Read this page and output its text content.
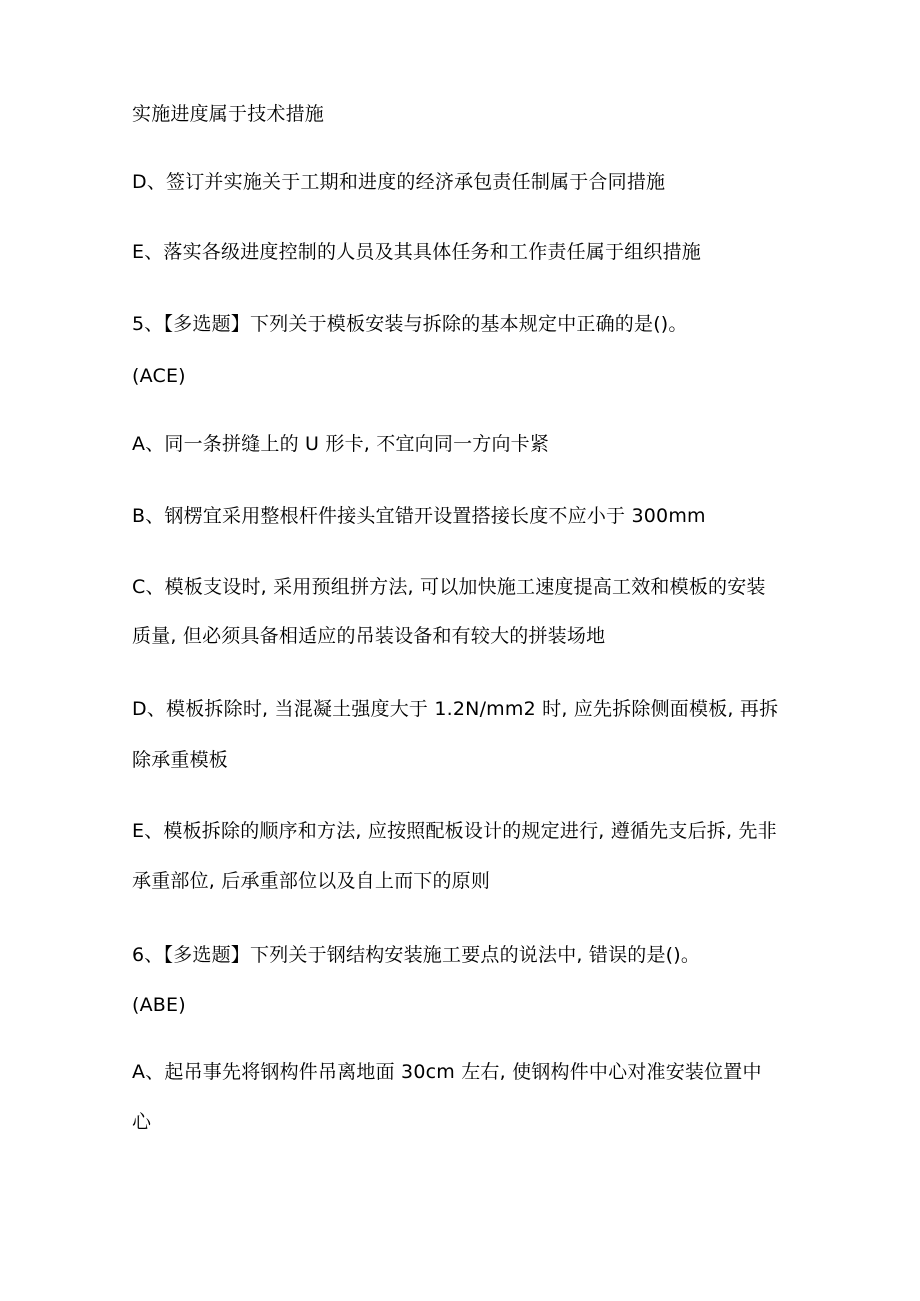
实施进度属于技术措施
D、签订并实施关于工期和进度的经济承包责任制属于合同措施
E、落实各级进度控制的人员及其具体任务和工作责任属于组织措施
5、【多选题】下列关于模板安装与拆除的基本规定中正确的是()。
(ACE)
A、同一条拼缝上的 U 形卡, 不宜向同一方向卡紧
B、钢楞宜采用整根杆件接头宜错开设置搭接长度不应小于 300mm
C、模板支设时, 采用预组拼方法, 可以加快施工速度提高工效和模板的安装
质量, 但必须具备相适应的吊装设备和有较大的拼装场地
D、模板拆除时, 当混凝土强度大于 1.2N/mm2 时, 应先拆除侧面模板, 再拆
除承重模板
E、模板拆除的顺序和方法, 应按照配板设计的规定进行, 遵循先支后拆, 先非
承重部位, 后承重部位以及自上而下的原则
6、【多选题】下列关于钢结构安装施工要点的说法中, 错误的是()。
(ABE)
A、起吊事先将钢构件吊离地面 30cm 左右, 使钢构件中心对准安装位置中
心
